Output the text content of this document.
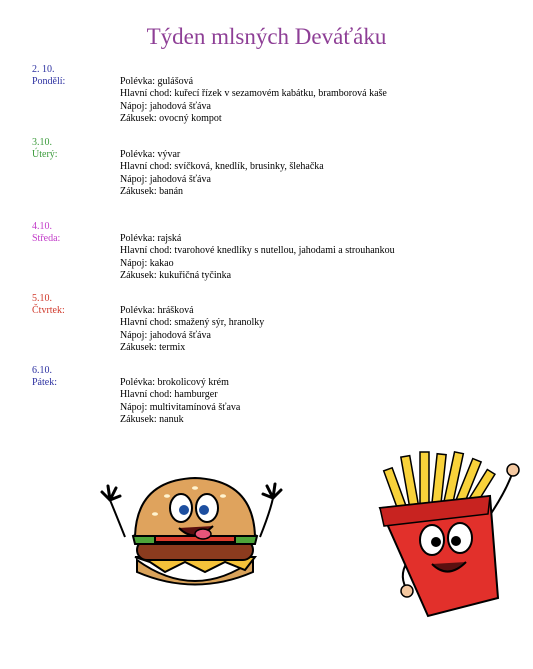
Týden mlsných Deváťáku
2. 10.
Pondělí:	Polévka: gulášová
Hlavní chod: kuřecí řízek v sezamovém kabátku, bramborová kaše
Nápoj: jahodová šťáva
Zákusek: ovocný kompot
3.10.
Úterý:	Polévka: vývar
Hlavní chod: svíčková, knedlík, brusinky, šlehačka
Nápoj: jahodová šťáva
Zákusek: banán
4.10.
Středa:	Polévka: rajská
Hlavní chod: tvarohové knedlíky s nutellou, jahodami a strouhankou
Nápoj: kakao
Zákusek: kukuřičná tyčinka
5.10.
Čtvrtek:	Polévka: hrášková
Hlavní chod: smažený sýr, hranolky
Nápoj: jahodová šťáva
Zákusek: termix
6.10.
Pátek:	Polévka: brokolicový krém
Hlavní chod: hamburger
Nápoj: multivitamínová šťava
Zákusek: nanuk
